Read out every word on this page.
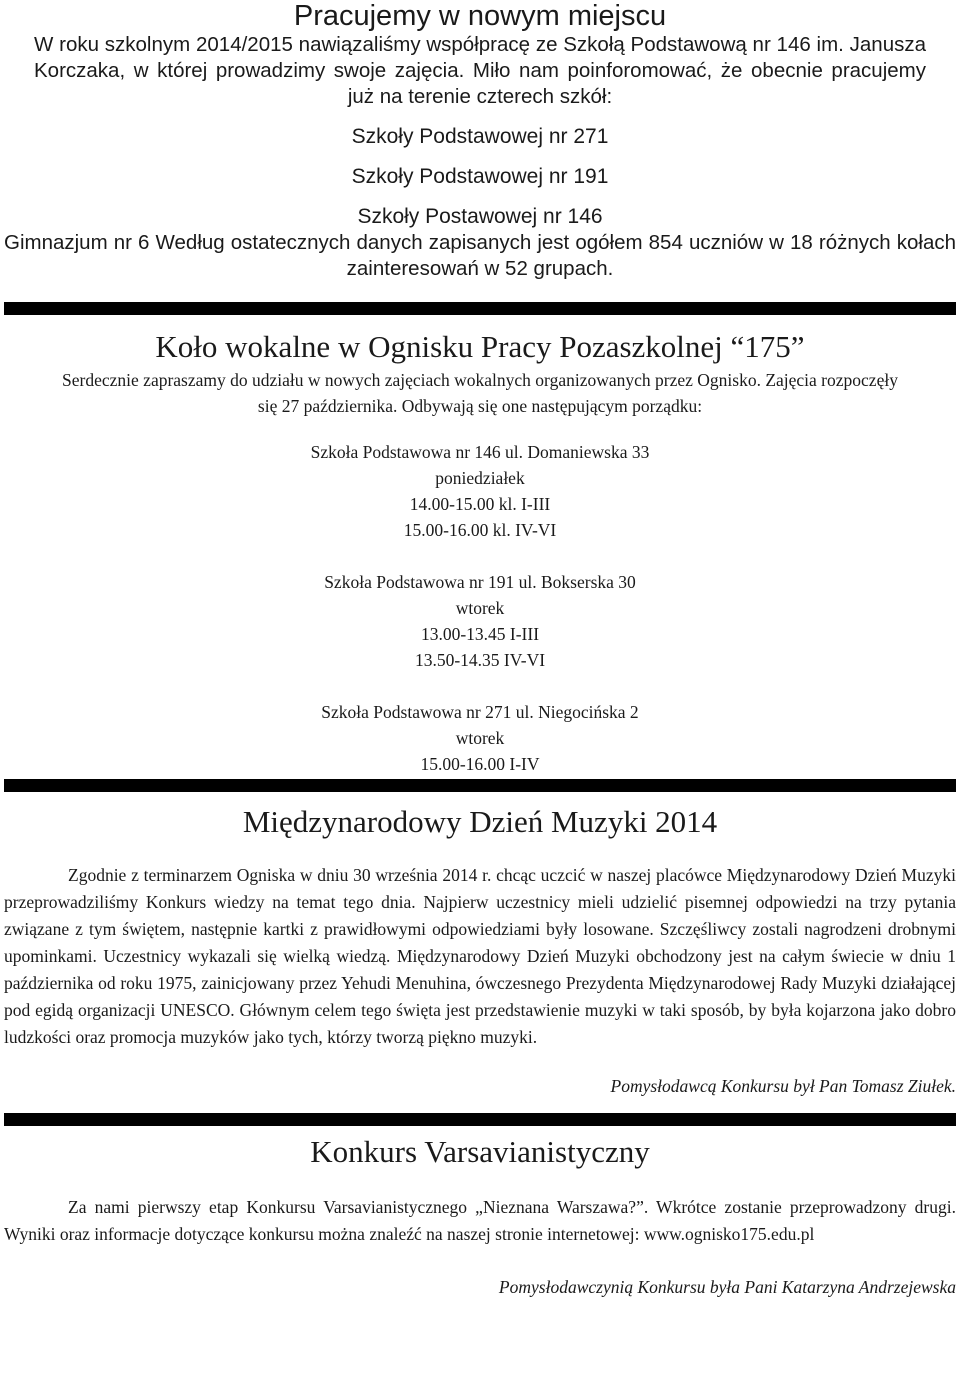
Pracujemy w nowym miejscu

W roku szkolnym 2014/2015 nawiązaliśmy współpracę ze Szkołą Podstawową nr 146 im. Janusza Korczaka, w której prowadzimy swoje zajęcia. Miło nam poinforomować, że obecnie pracujemy już na terenie czterech szkół:

Szkoły Podstawowej nr 271
Szkoły Podstawowej nr 191
Szkoły Postawowej nr 146

Gimnazjum nr 6 Według ostatecznych danych zapisanych jest ogółem 854 uczniów w 18 różnych kołach zainteresowań w 52 grupach.

Koło wokalne w Ognisku Pracy Pozaszkolnej “175”

Serdecznie zapraszamy do udziału w nowych zajęciach wokalnych organizowanych przez Ognisko. Zajęcia rozpoczęły się 27 października. Odbywają się one następującym porządku:

Szkoła Podstawowa nr 146 ul. Domaniewska 33
poniedziałek
14.00-15.00 kl. I-III
15.00-16.00 kl. IV-VI
Szkoła Podstawowa nr 191 ul. Bokserska 30
wtorek
13.00-13.45 I-III
13.50-14.35 IV-VI
Szkoła Podstawowa nr 271 ul. Niegocińska 2
wtorek
15.00-16.00 I-IV
Międzynarodowy Dzień Muzyki 2014

Zgodnie z terminarzem Ogniska w dniu 30 września 2014 r. chcąc uczcić w naszej placówce Międzynarodowy Dzień Muzyki przeprowadziliśmy Konkurs wiedzy na temat tego dnia. Najpierw uczestnicy mieli udzielić pisemnej odpowiedzi na trzy pytania związane z tym świętem, następnie kartki z prawidłowymi odpowiedziami były losowane. Szczęśliwcy zostali nagrodzeni drobnymi upominkami. Uczestnicy wykazali się wielką wiedzą. Międzynarodowy Dzień Muzyki obchodzony jest na całym świecie w dniu 1 października od roku 1975, zainicjowany przez Yehudi Menuhina, ówczesnego Prezydenta Międzynarodowej Rady Muzyki działającej pod egidą organizacji UNESCO. Głównym celem tego święta jest przedstawienie muzyki w taki sposób, by była kojarzona jako dobro ludzkości oraz promocja muzyków jako tych, którzy tworzą piękno muzyki.

Pomysłodawcą Konkursu był Pan Tomasz Ziułek.

Konkurs Varsavianistyczny

Za nami pierwszy etap Konkursu Varsavianistycznego „Nieznana Warszawa?”. Wkrótce zostanie przeprowadzony drugi. Wyniki oraz informacje dotyczące konkursu można znaleźć na naszej stronie internetowej: www.ognisko175.edu.pl

Pomysłodawczynią Konkursu była Pani Katarzyna Andrzejewska
